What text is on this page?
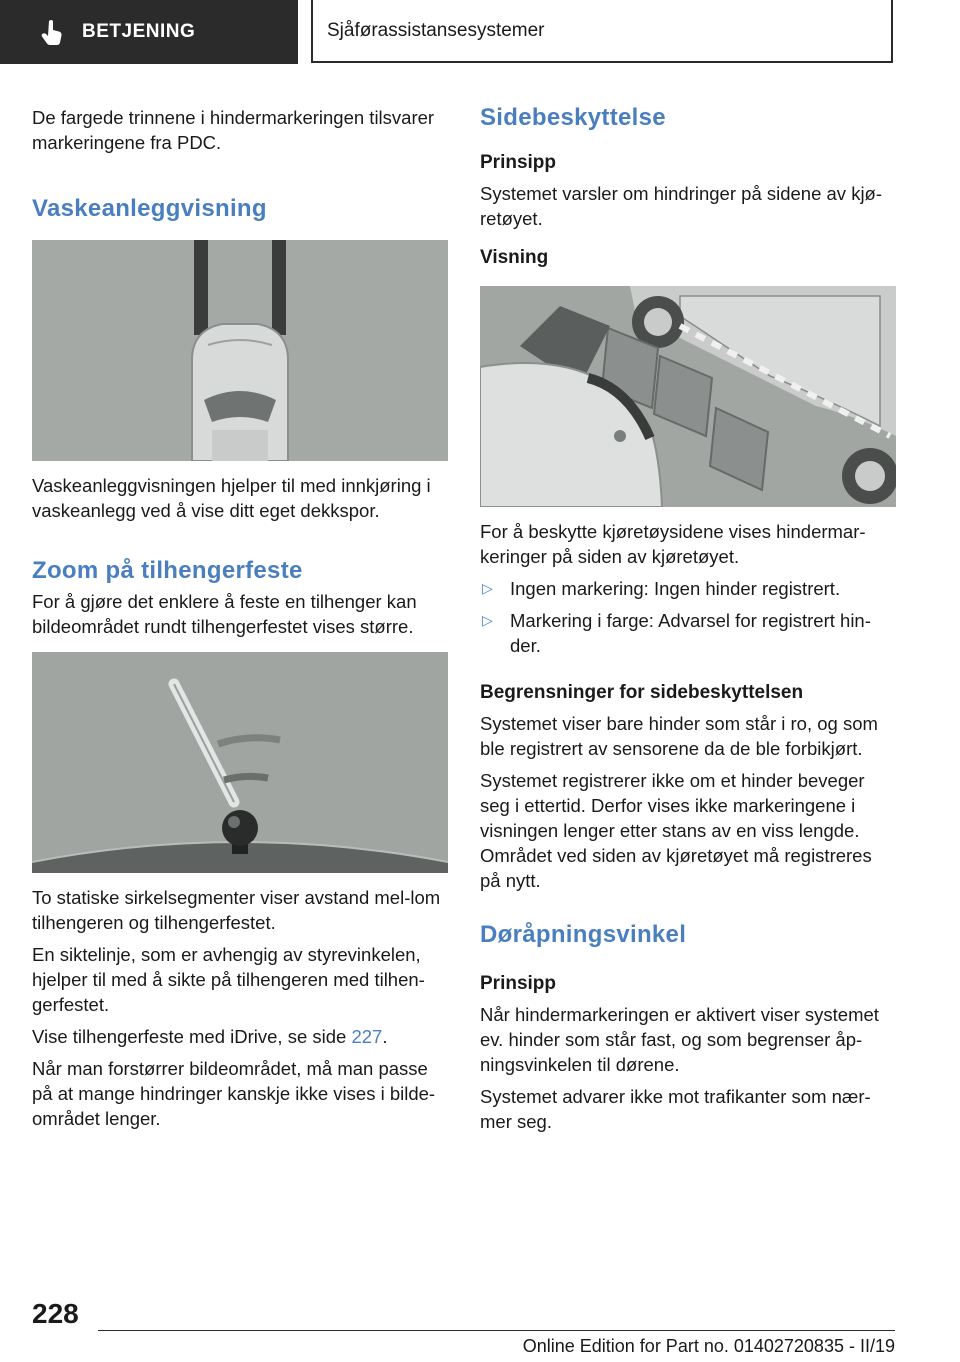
BETJENING	Sjåførassistansesystemer

De fargede trinnene i hindermarkeringen tilsvarer markeringene fra PDC.

Vaskeanleggvisning

Vaskeanleggvisningen hjelper til med innkjøring i vaskeanlegg ved å vise ditt eget dekkspor.

Zoom på tilhengerfeste

For å gjøre det enklere å feste en tilhenger kan bildeområdet rundt tilhengerfestet vises større.

To statiske sirkelsegmenter viser avstand mel-lom tilhengeren og tilhengerfestet.

En siktelinje, som er avhengig av styrevinkelen, hjelper til med å sikte på tilhengeren med tilhen-gerfestet.

Vise tilhengerfeste med iDrive, se side 227.

Når man forstørrer bildeområdet, må man passe på at mange hindringer kanskje ikke vises i bilde-området lenger.

Sidebeskyttelse
Prinsipp

Systemet varsler om hindringer på sidene av kjø-retøyet.

Visning

For å beskytte kjøretøysidene vises hindermar-keringer på siden av kjøretøyet.

▷ Ingen markering: Ingen hinder registrert.
▷ Markering i farge: Advarsel for registrert hin-der.
Begrensninger for sidebeskyttelsen

Systemet viser bare hinder som står i ro, og som ble registrert av sensorene da de ble forbikjørt.

Systemet registrerer ikke om et hinder beveger seg i ettertid. Derfor vises ikke markeringene i visningen lenger etter stans av en viss lengde. Området ved siden av kjøretøyet må registreres på nytt.

Døråpningsvinkel
Prinsipp

Når hindermarkeringen er aktivert viser systemet ev. hinder som står fast, og som begrenser åp-ningsvinkelen til dørene.

Systemet advarer ikke mot trafikanter som nær-mer seg.

228
Online Edition for Part no. 01402720835 - II/19
